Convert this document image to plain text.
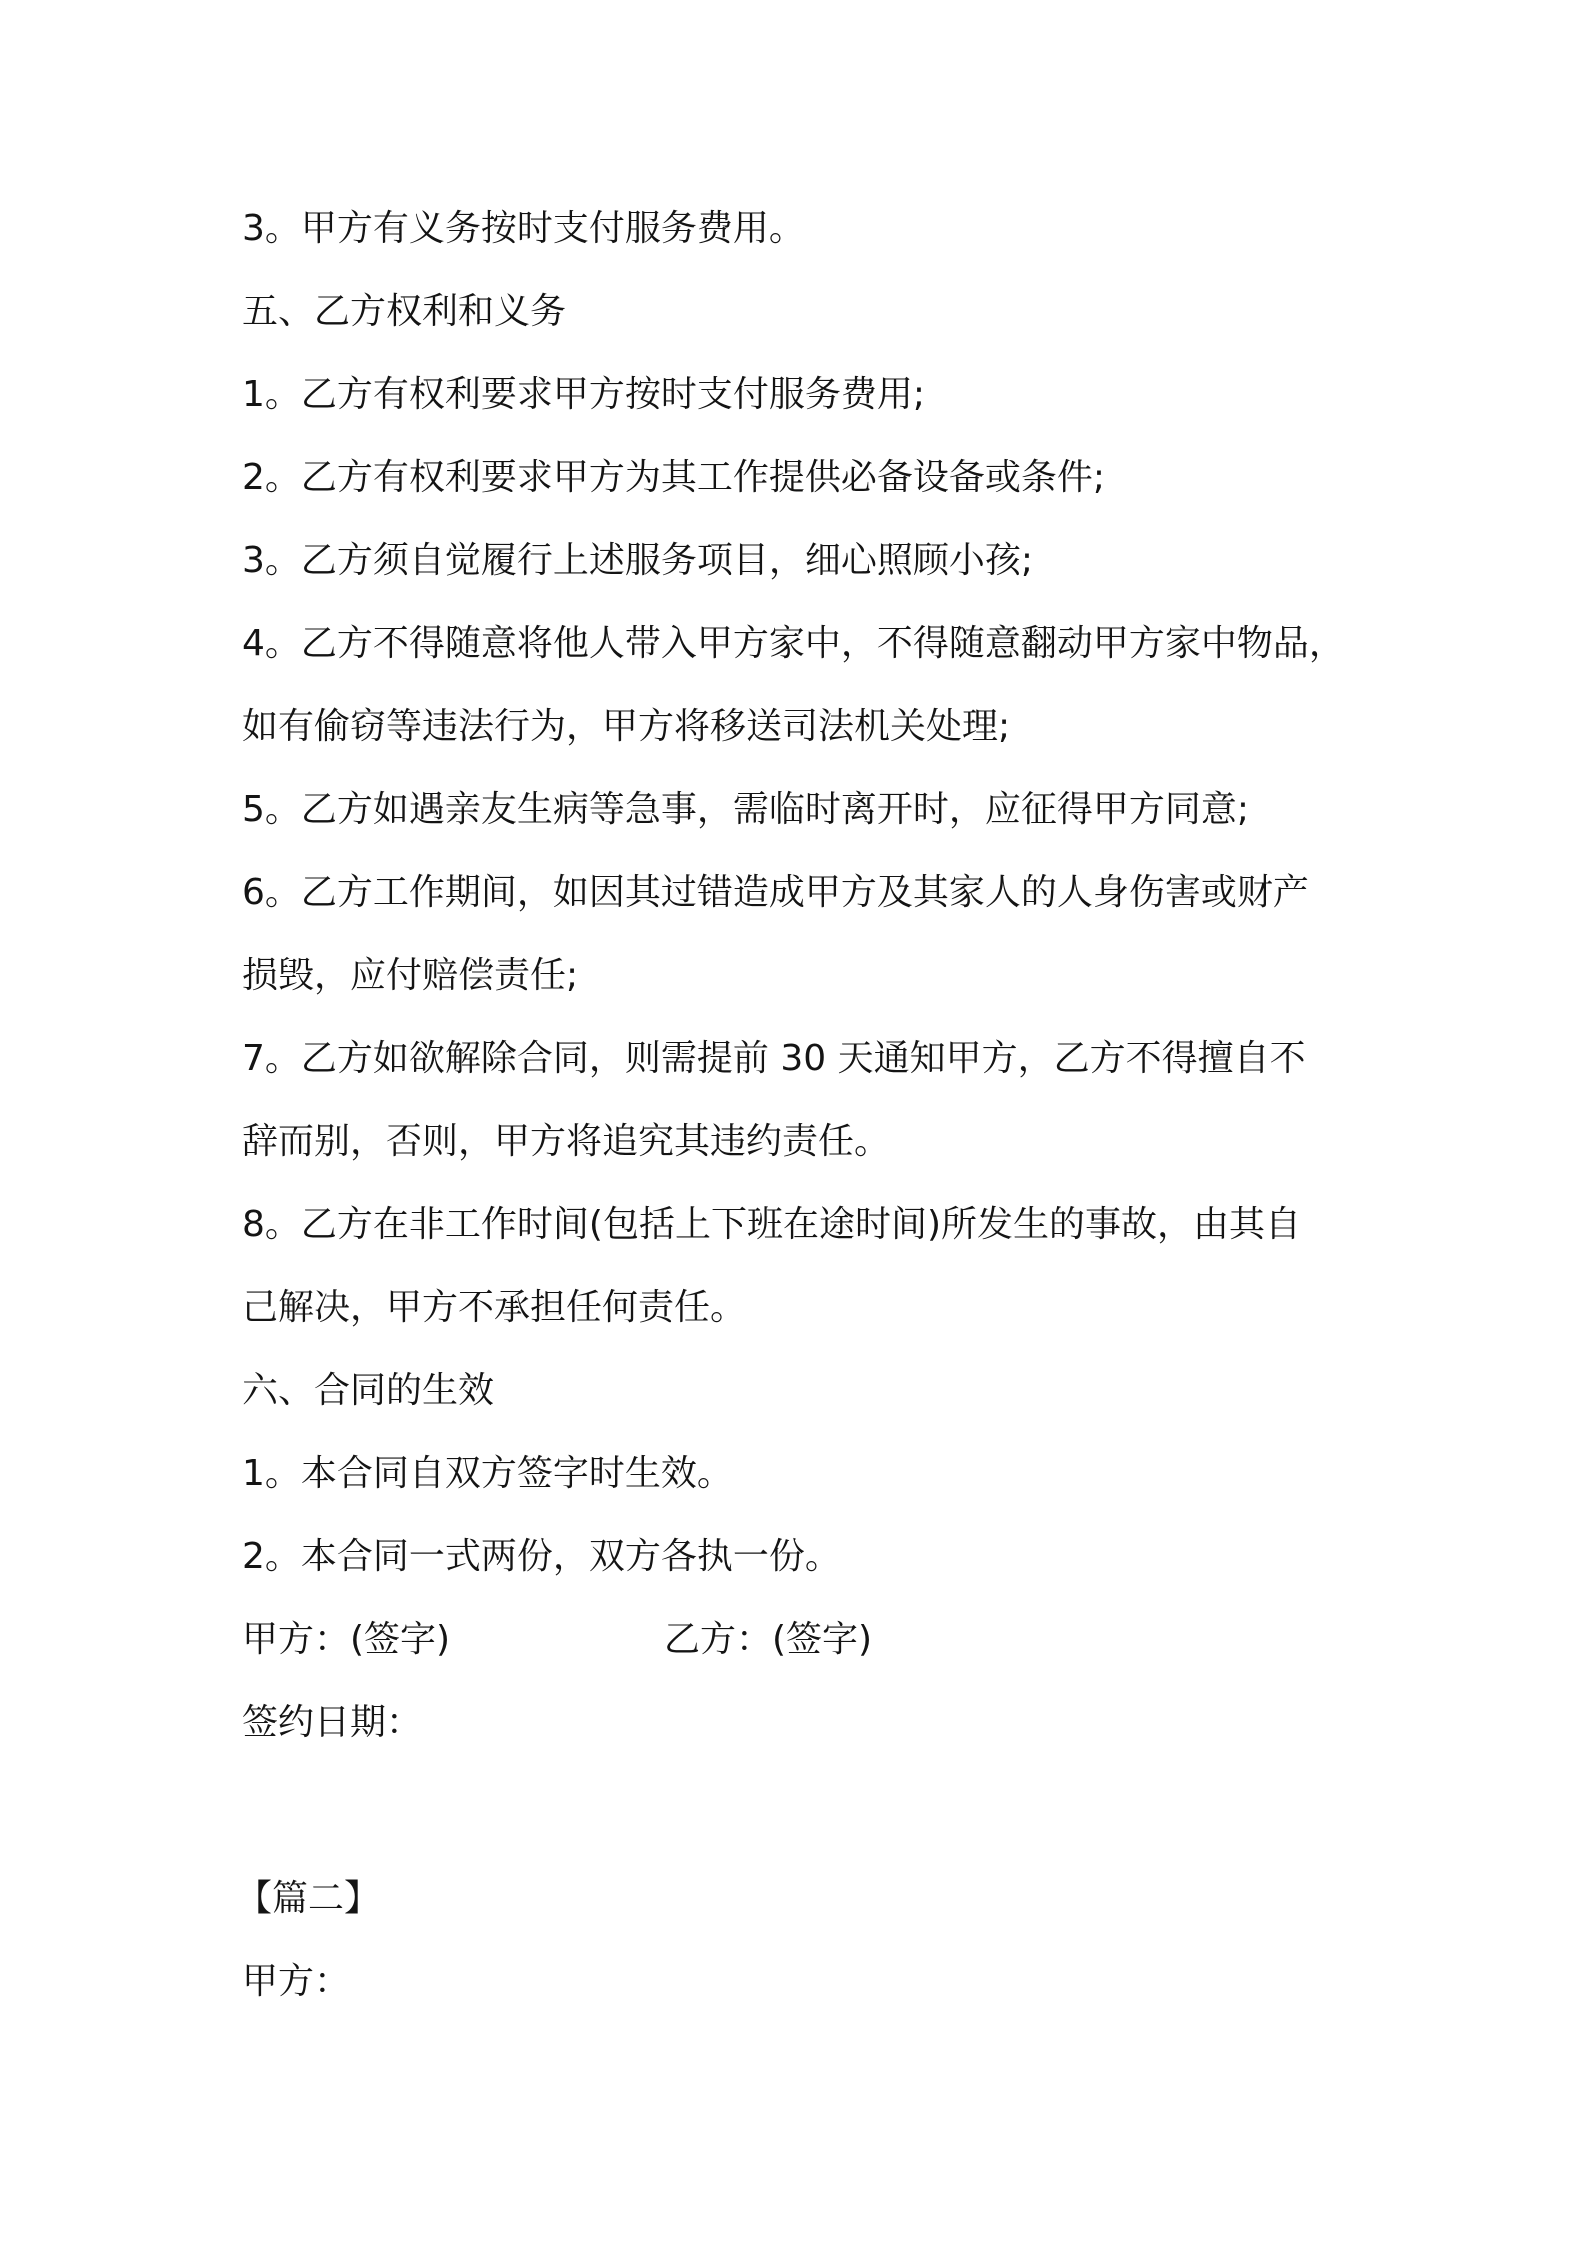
3。甲方有义务按时支付服务费用。
五、乙方权利和义务
1。乙方有权利要求甲方按时支付服务费用;
2。乙方有权利要求甲方为其工作提供必备设备或条件;
3。乙方须自觉履行上述服务项目，细心照顾小孩;
4。乙方不得随意将他人带入甲方家中，不得随意翻动甲方家中物品，
如有偷窃等违法行为，甲方将移送司法机关处理;
5。乙方如遇亲友生病等急事，需临时离开时，应征得甲方同意;
6。乙方工作期间，如因其过错造成甲方及其家人的人身伤害或财产
损毁，应付赔偿责任;
7。乙方如欲解除合同，则需提前 30 天通知甲方，乙方不得擅自不
辞而别，否则，甲方将追究其违约责任。
8。乙方在非工作时间(包括上下班在途时间)所发生的事故，由其自
己解决，甲方不承担任何责任。
六、合同的生效
1。本合同自双方签字时生效。
2。本合同一式两份，双方各执一份。
甲方：(签字)	乙方：(签字)
签约日期：
【篇二】
甲方：
